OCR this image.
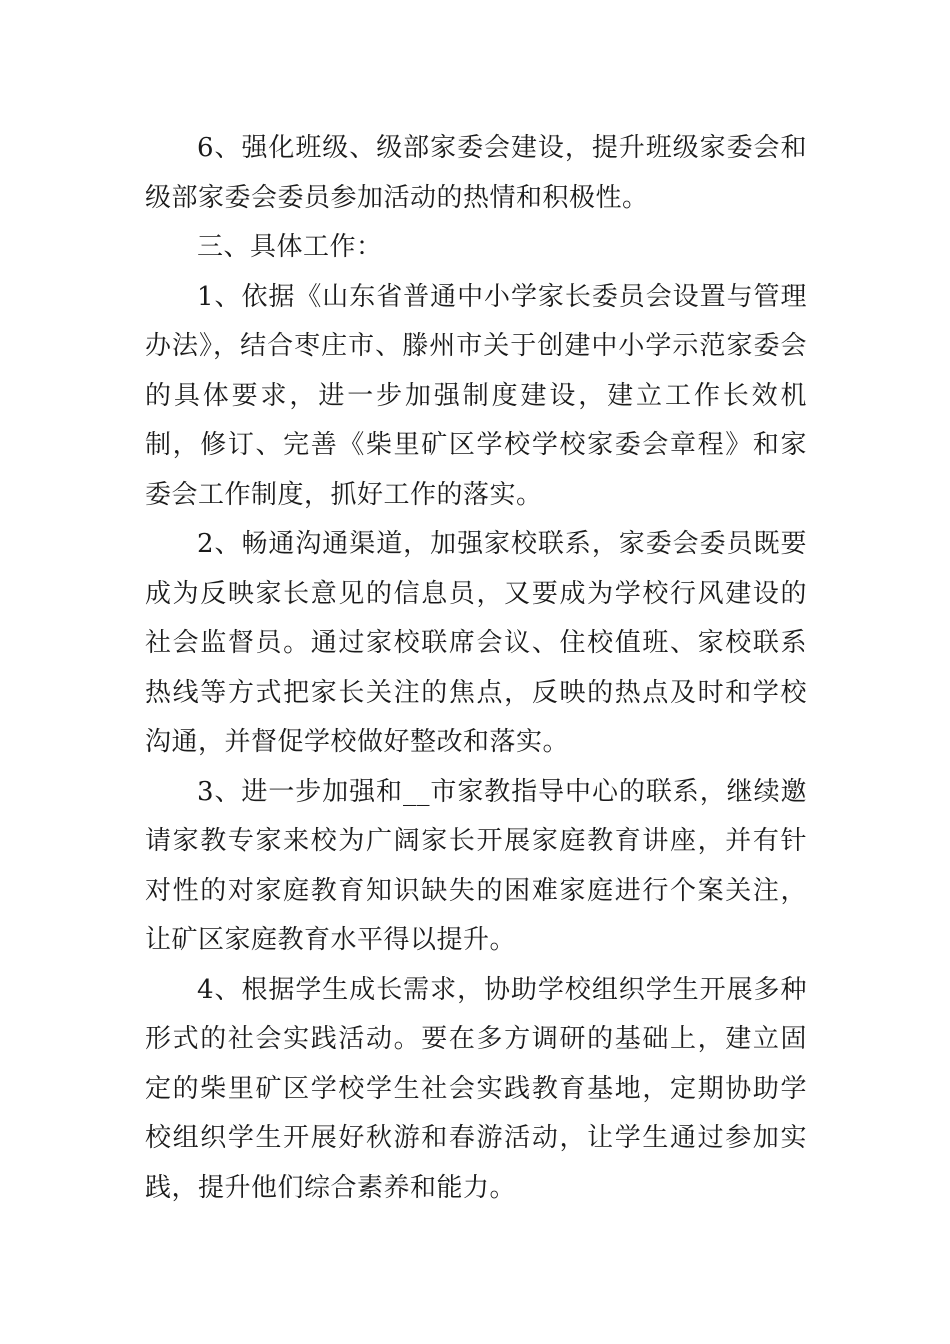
6、强化班级、级部家委会建设，提升班级家委会和级部家委会委员参加活动的热情和积极性。

三、具体工作：

1、依据《山东省普通中小学家长委员会设置与管理办法》，结合枣庄市、滕州市关于创建中小学示范家委会的具体要求，进一步加强制度建设，建立工作长效机制，修订、完善《柴里矿区学校学校家委会章程》和家委会工作制度，抓好工作的落实。

2、畅通沟通渠道，加强家校联系，家委会委员既要成为反映家长意见的信息员，又要成为学校行风建设的社会监督员。通过家校联席会议、住校值班、家校联系热线等方式把家长关注的焦点，反映的热点及时和学校沟通，并督促学校做好整改和落实。

3、进一步加强和__市家教指导中心的联系，继续邀请家教专家来校为广阔家长开展家庭教育讲座，并有针对性的对家庭教育知识缺失的困难家庭进行个案关注，让矿区家庭教育水平得以提升。

4、根据学生成长需求，协助学校组织学生开展多种形式的社会实践活动。要在多方调研的基础上，建立固定的柴里矿区学校学生社会实践教育基地，定期协助学校组织学生开展好秋游和春游活动，让学生通过参加实践，提升他们综合素养和能力。
